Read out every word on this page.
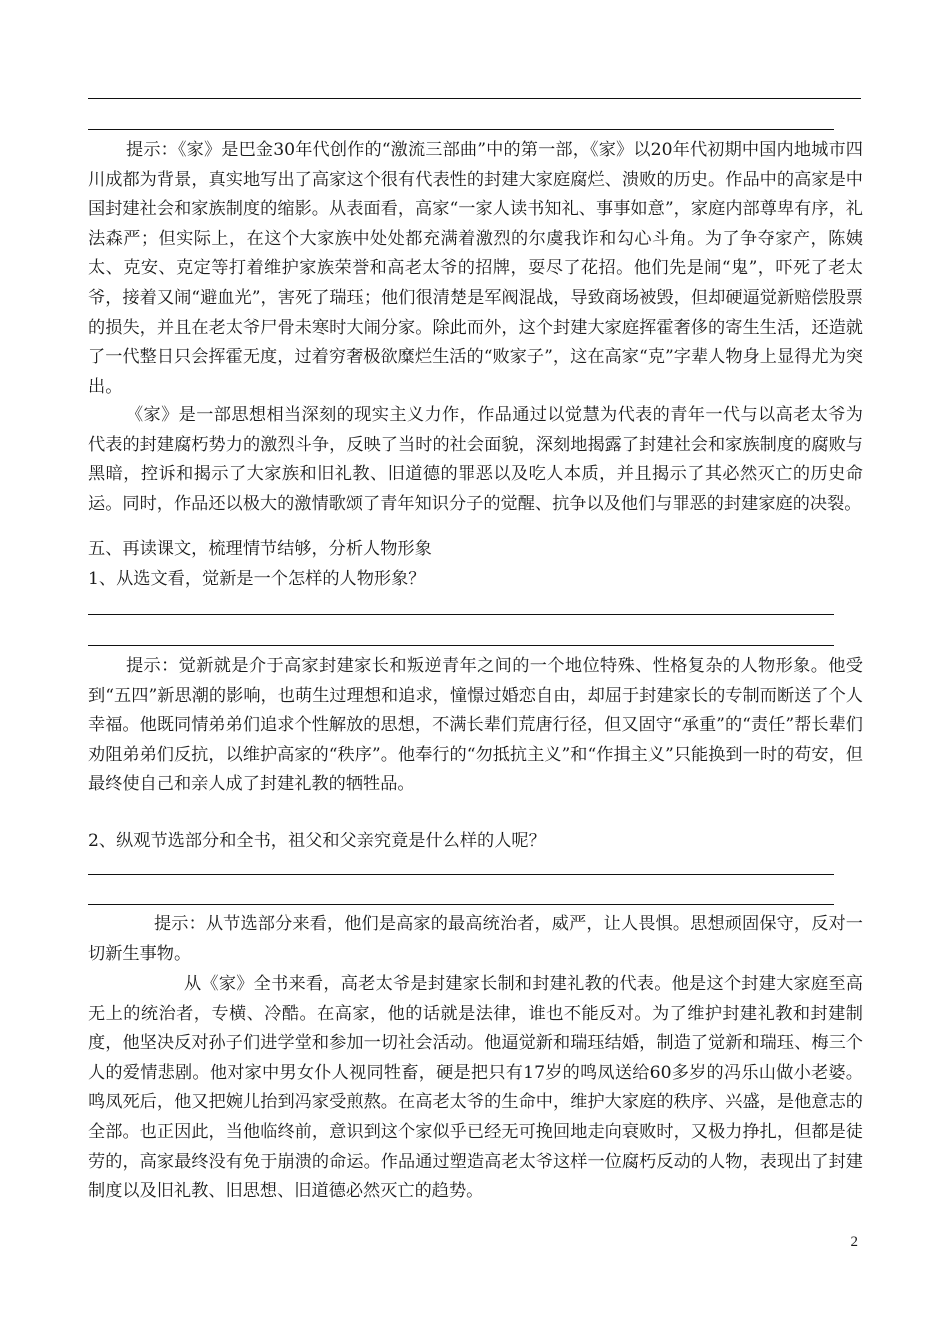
提示：《家》是巴金30年代创作的“激流三部曲”中的第一部，《家》以20年代初期中国内地城市四川成都为背景，真实地写出了高家这个很有代表性的封建大家庭腐烂、溃败的历史。作品中的高家是中国封建社会和家族制度的缩影。从表面看，高家“一家人读书知礼、事事如意”，家庭内部尊卑有序，礼法森严；但实际上，在这个大家族中处处都充满着激烈的尔虞我诈和勾心斗角。为了争夺家产，陈姨太、克安、克定等打着维护家族荣誉和高老太爷的招牌，耍尽了花招。他们先是闹“鬼”，吓死了老太爷，接着又闹“避血光”，害死了瑞珏；他们很清楚是军阀混战，导致商场被毁，但却硬逼觉新赔偿股票的损失，并且在老太爷尸骨未寒时大闹分家。除此而外，这个封建大家庭挥霍奢侈的寄生生活，还造就了一代整日只会挥霍无度，过着穷奢极欲糜烂生活的“败家子”，这在高家“克”字辈人物身上显得尤为突出。

《家》是一部思想相当深刻的现实主义力作，作品通过以觉慧为代表的青年一代与以高老太爷为代表的封建腐朽势力的激烈斗争，反映了当时的社会面貌，深刻地揭露了封建社会和家族制度的腐败与黑暗，控诉和揭示了大家族和旧礼教、旧道德的罪恶以及吃人本质，并且揭示了其必然灭亡的历史命运。同时，作品还以极大的激情歌颂了青年知识分子的觉醒、抗争以及他们与罪恶的封建家庭的决裂。

五、再读课文，梳理情节结够，分析人物形象

1、从选文看，觉新是一个怎样的人物形象？

提示：觉新就是介于高家封建家长和叛逆青年之间的一个地位特殊、性格复杂的人物形象。他受到“五四”新思潮的影响，也萌生过理想和追求，憧憬过婚恋自由，却屈于封建家长的专制而断送了个人幸福。他既同情弟弟们追求个性解放的思想，不满长辈们荒唐行径，但又固守“承重”的“责任”帮长辈们劝阻弟弟们反抗，以维护高家的“秩序”。他奉行的“勿抵抗主义”和“作揖主义”只能换到一时的苟安，但最终使自己和亲人成了封建礼教的牺牲品。

2、纵观节选部分和全书，祖父和父亲究竟是什么样的人呢？

提示：从节选部分来看，他们是高家的最高统治者，威严，让人畏惧。思想顽固保守，反对一切新生事物。

从《家》全书来看，高老太爷是封建家长制和封建礼教的代表。他是这个封建大家庭至高无上的统治者，专横、冷酷。在高家，他的话就是法律，谁也不能反对。为了维护封建礼教和封建制度，他坚决反对孙子们进学堂和参加一切社会活动。他逼觉新和瑞珏结婚，制造了觉新和瑞珏、梅三个人的爱情悲剧。他对家中男女仆人视同牲畜，硬是把只有17岁的鸣凤送给60多岁的冯乐山做小老婆。鸣凤死后，他又把婉儿抬到冯家受煎熬。在高老太爷的生命中，维护大家庭的秩序、兴盛，是他意志的全部。也正因此，当他临终前，意识到这个家似乎已经无可挽回地走向衰败时，又极力挣扎，但都是徒劳的，高家最终没有免于崩溃的命运。作品通过塑造高老太爷这样一位腐朽反动的人物，表现出了封建制度以及旧礼教、旧思想、旧道德必然灭亡的趋势。

2
